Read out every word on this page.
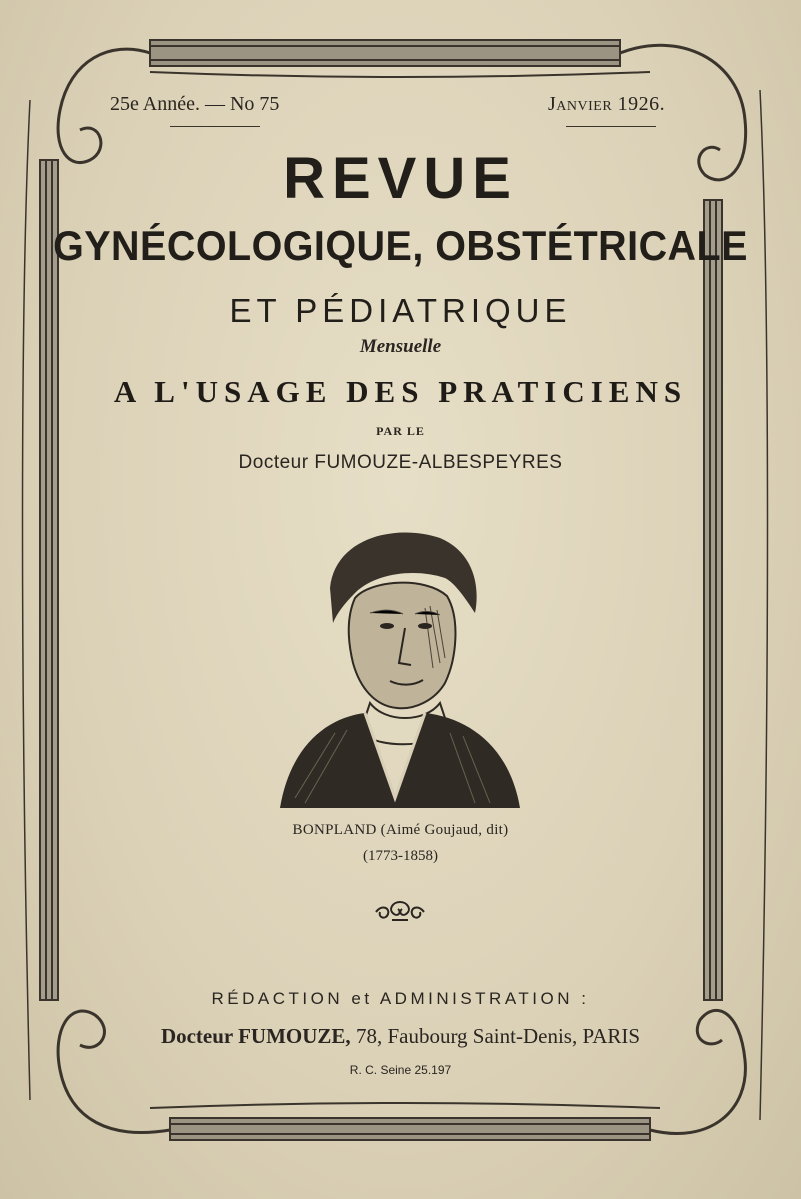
25e Année. — No 75	Janvier 1926.
REVUE
GYNÉCOLOGIQUE, OBSTÉTRICALE
ET PÉDIATRIQUE
Mensuelle
A L'USAGE DES PRATICIENS
PAR LE
Docteur FUMOUZE-ALBESPEYRES
BONPLAND (Aimé Goujaud, dit)
(1773-1858)
RÉDACTION et ADMINISTRATION :
Docteur FUMOUZE, 78, Faubourg Saint-Denis, PARIS
R. C. Seine 25.197
